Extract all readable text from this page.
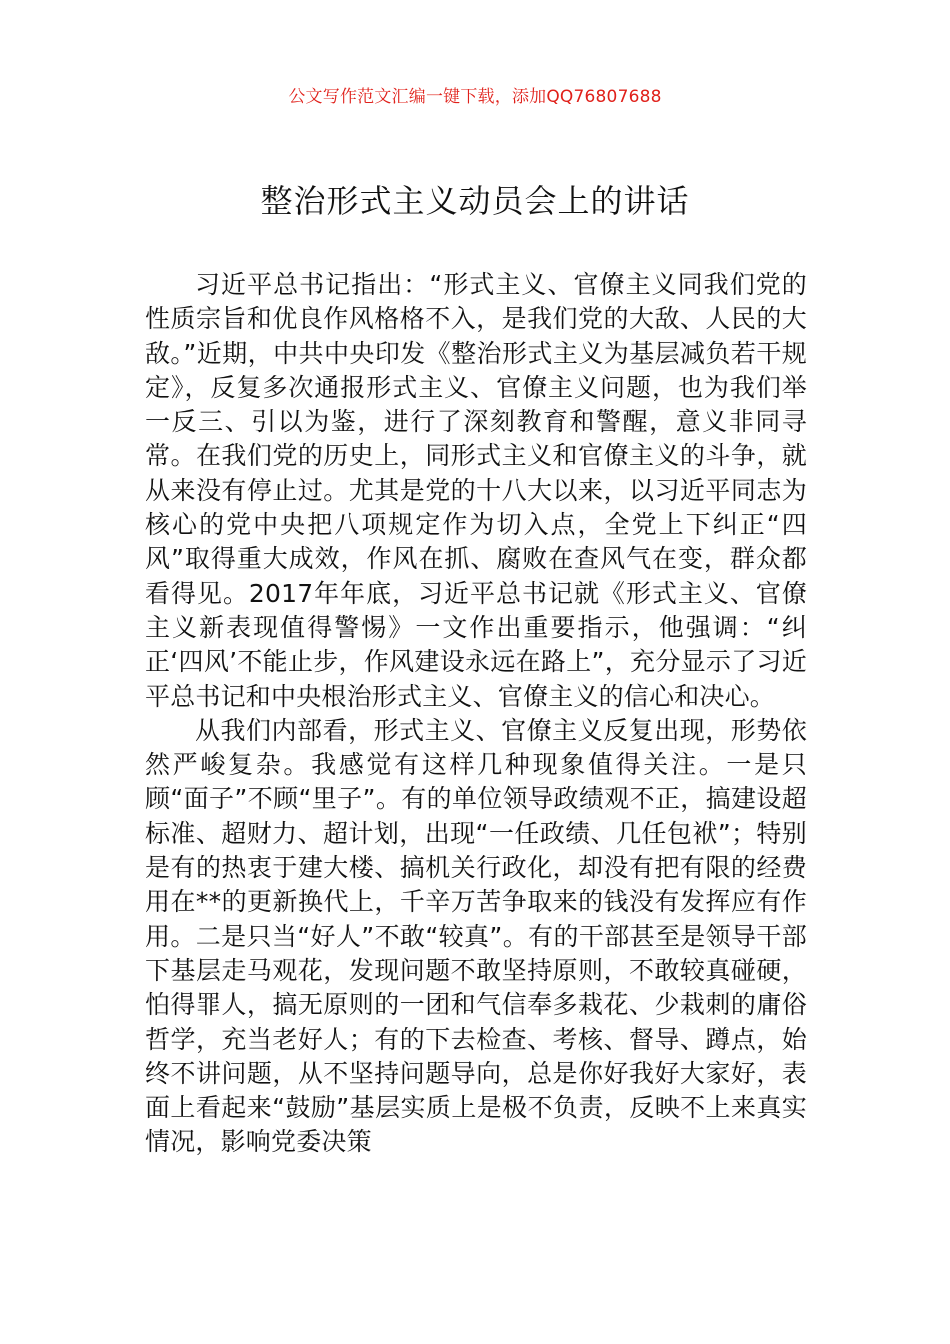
公文写作范文汇编一键下载，添加QQ76807688
整治形式主义动员会上的讲话

习近平总书记指出：“形式主义、官僚主义同我们党的性质宗旨和优良作风格格不入，是我们党的大敌、人民的大敌。”近期，中共中央印发《整治形式主义为基层减负若干规定》，反复多次通报形式主义、官僚主义问题，也为我们举一反三、引以为鉴，进行了深刻教育和警醒，意义非同寻常。在我们党的历史上，同形式主义和官僚主义的斗争，就从来没有停止过。尤其是党的十八大以来，以习近平同志为核心的党中央把八项规定作为切入点，全党上下纠正“四风”取得重大成效，作风在抓、腐败在查风气在变，群众都看得见。2017年年底，习近平总书记就《形式主义、官僚主义新表现值得警惕》一文作出重要指示，他强调：“纠正‘四风’不能止步，作风建设永远在路上”，充分显示了习近平总书记和中央根治形式主义、官僚主义的信心和决心。

从我们内部看，形式主义、官僚主义反复出现，形势依然严峻复杂。我感觉有这样几种现象值得关注。一是只顾“面子”不顾“里子”。有的单位领导政绩观不正，搞建设超标准、超财力、超计划，出现“一任政绩、几任包袱”；特别是有的热衷于建大楼、搞机关行政化，却没有把有限的经费用在**的更新换代上，千辛万苦争取来的钱没有发挥应有作用。二是只当“好人”不敢“较真”。有的干部甚至是领导干部下基层走马观花，发现问题不敢坚持原则，不敢较真碰硬，怕得罪人，搞无原则的一团和气信奉多栽花、少栽刺的庸俗哲学，充当老好人；有的下去检查、考核、督导、蹲点，始终不讲问题，从不坚持问题导向，总是你好我好大家好，表面上看起来“鼓励”基层实质上是极不负责，反映不上来真实情况，影响党委决策
